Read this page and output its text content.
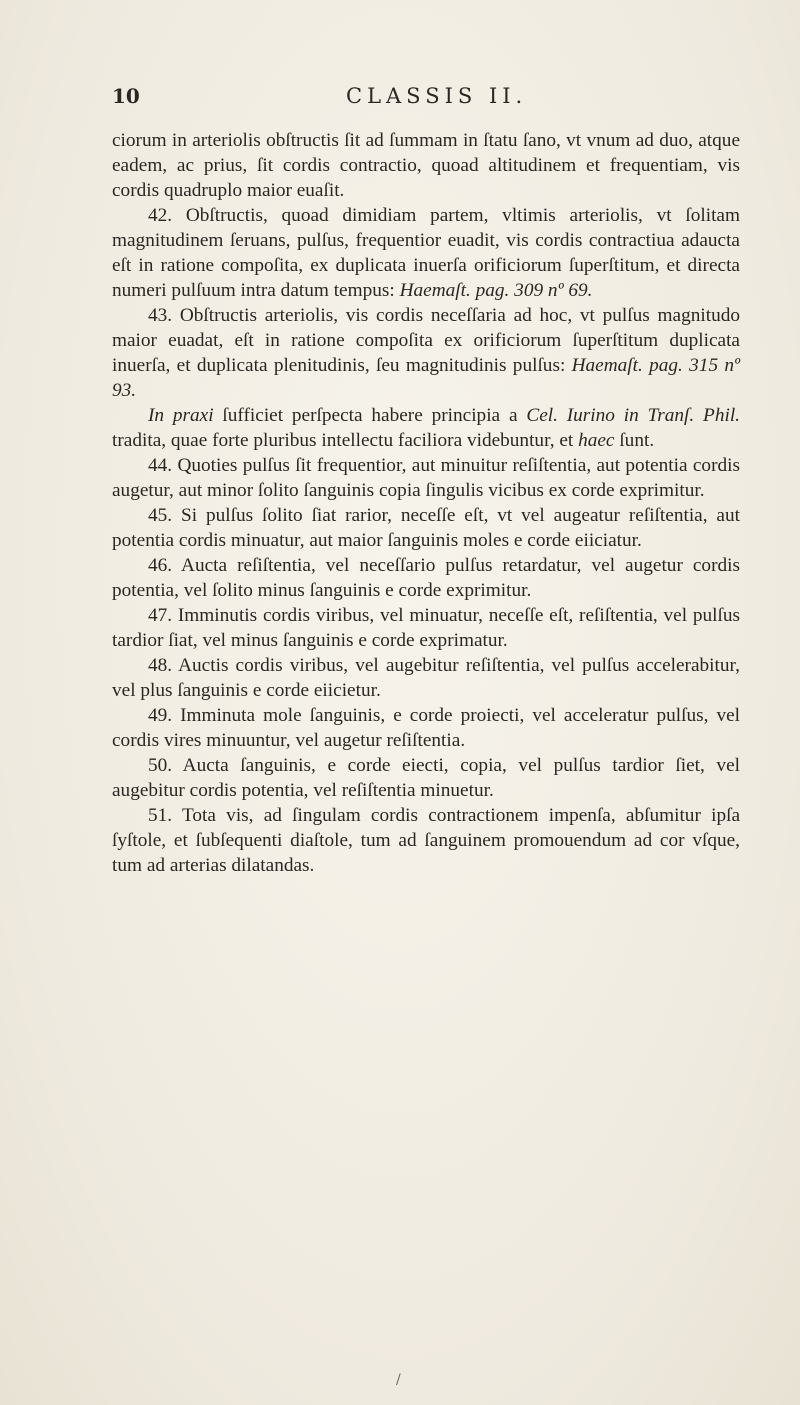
10	CLASSIS II.

ciorum in arteriolis obſtructis ſit ad ſummam in ſtatu ſano, vt vnum ad duo, atque eadem, ac prius, ſit cordis contractio, quoad altitudinem et frequentiam, vis cordis quadruplo maior euaſit.

42. Obſtructis, quoad dimidiam partem, vltimis arteriolis, vt ſolitam magnitudinem ſeruans, pulſus, frequentior euadit, vis cordis contractiua adaucta eſt in ratione compoſita, ex duplicata inuerſa orificiorum ſuperſtitum, et directa numeri pulſuum intra datum tempus: Haemaſt. pag. 309 nº 69.

43. Obſtructis arteriolis, vis cordis neceſſaria ad hoc, vt pulſus magnitudo maior euadat, eſt in ratione compoſita ex orificiorum ſuperſtitum duplicata inuerſa, et duplicata plenitudinis, ſeu magnitudinis pulſus: Haemaſt. pag. 315 nº 93.

In praxi ſufficiet perſpecta habere principia a Cel. Iurino in Tranſ. Phil. tradita, quae forte pluribus intellectu faciliora videbuntur, et haec ſunt.

44. Quoties pulſus ſit frequentior, aut minuitur reſiſtentia, aut potentia cordis augetur, aut minor ſolito ſanguinis copia ſingulis vicibus ex corde exprimitur.

45. Si pulſus ſolito ſiat rarior, neceſſe eſt, vt vel augeatur reſiſtentia, aut potentia cordis minuatur, aut maior ſanguinis moles e corde eiiciatur.

46. Aucta reſiſtentia, vel neceſſario pulſus retardatur, vel augetur cordis potentia, vel ſolito minus ſanguinis e corde exprimitur.

47. Imminutis cordis viribus, vel minuatur, neceſſe eſt, reſiſtentia, vel pulſus tardior ſiat, vel minus ſanguinis e corde exprimatur.

48. Auctis cordis viribus, vel augebitur reſiſtentia, vel pulſus accelerabitur, vel plus ſanguinis e corde eiicietur.

49. Imminuta mole ſanguinis, e corde proiecti, vel acceleratur pulſus, vel cordis vires minuuntur, vel augetur reſiſtentia.

50. Aucta ſanguinis, e corde eiecti, copia, vel pulſus tardior ſiet, vel augebitur cordis potentia, vel reſiſtentia minuetur.

51. Tota vis, ad ſingulam cordis contractionem impenſa, abſumitur ipſa ſyſtole, et ſubſequenti diaſtole, tum ad ſanguinem promouendum ad cor vſque, tum ad arterias dilatandas.

/
